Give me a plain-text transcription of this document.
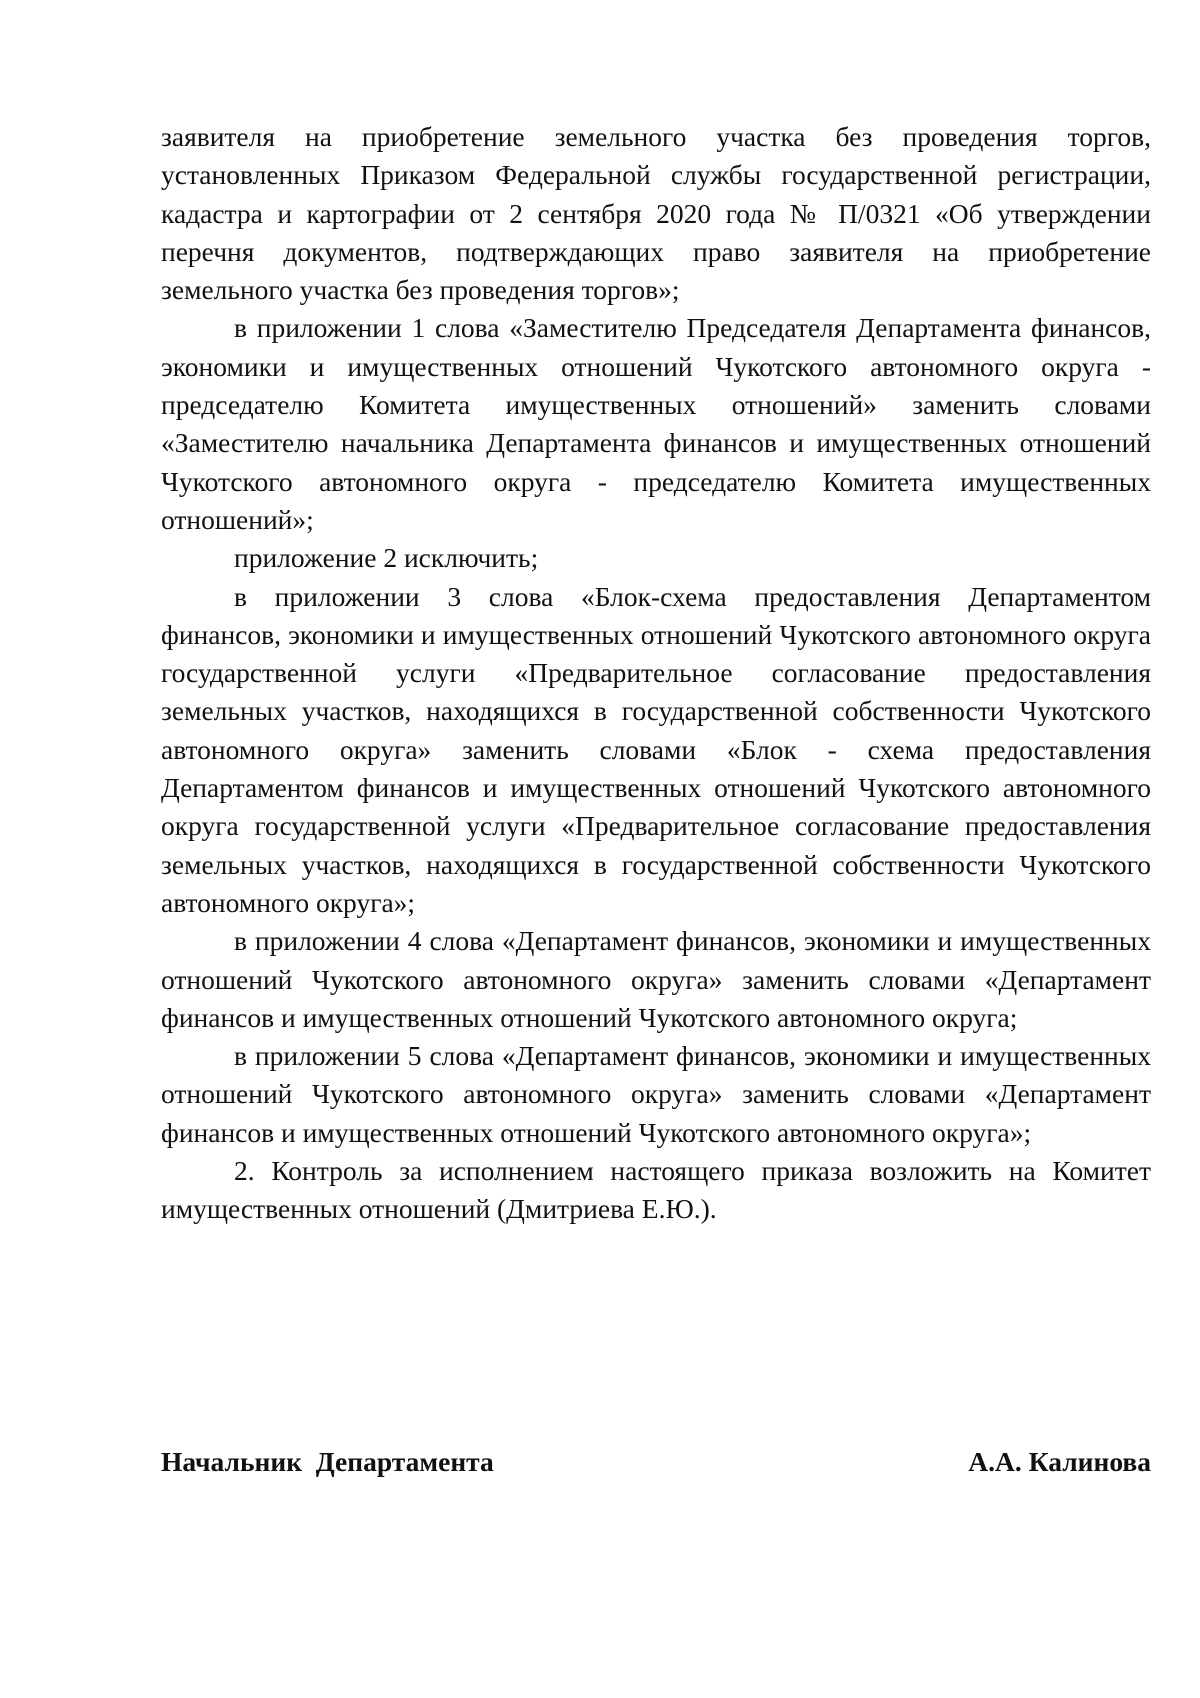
заявителя на приобретение земельного участка без проведения торгов, установленных Приказом Федеральной службы государственной регистрации, кадастра и картографии от 2 сентября 2020 года № П/0321 «Об утверждении перечня документов, подтверждающих право заявителя на приобретение земельного участка без проведения торгов»;

в приложении 1 слова «Заместителю Председателя Департамента финансов, экономики и имущественных отношений Чукотского автономного округа - председателю Комитета имущественных отношений» заменить словами «Заместителю начальника Департамента финансов и имущественных отношений Чукотского автономного округа - председателю Комитета имущественных отношений»;

приложение 2 исключить;

в приложении 3 слова «Блок-схема предоставления Департаментом финансов, экономики и имущественных отношений Чукотского автономного округа государственной услуги «Предварительное согласование предоставления земельных участков, находящихся в государственной собственности Чукотского автономного округа» заменить словами «Блок - схема предоставления Департаментом финансов и имущественных отношений Чукотского автономного округа государственной услуги «Предварительное согласование предоставления земельных участков, находящихся в государственной собственности Чукотского автономного округа»;

в приложении 4 слова «Департамент финансов, экономики и имущественных отношений Чукотского автономного округа» заменить словами «Департамент финансов и имущественных отношений Чукотского автономного округа;

в приложении 5 слова «Департамент финансов, экономики и имущественных отношений Чукотского автономного округа» заменить словами «Департамент финансов и имущественных отношений Чукотского автономного округа»;

2. Контроль за исполнением настоящего приказа возложить на Комитет имущественных отношений (Дмитриева Е.Ю.).

Начальник  Департамента	А.А. Калинова
